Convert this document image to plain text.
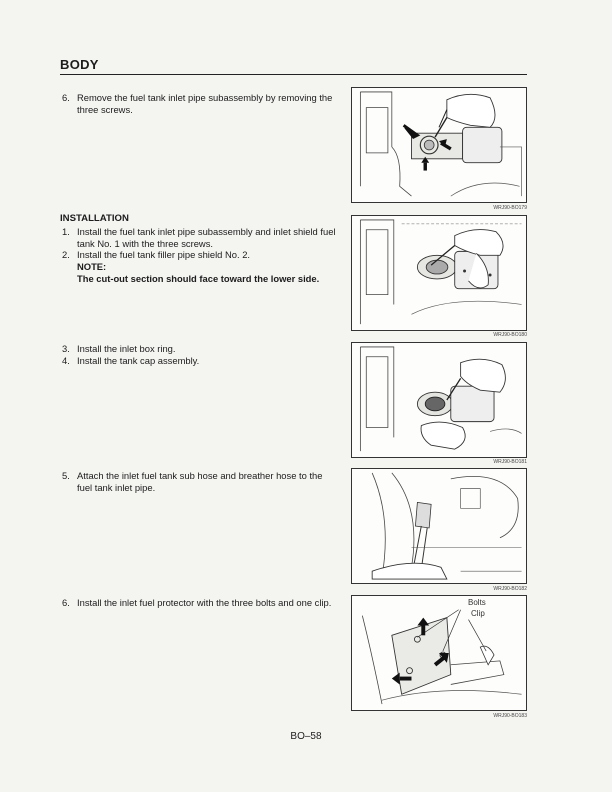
BODY
6. Remove the fuel tank inlet pipe subassembly by removing the three screws.
WRJ90-BO179
INSTALLATION
1. Install the fuel tank inlet pipe subassembly and inlet shield fuel tank No. 1 with the three screws.
2. Install the fuel tank filler pipe shield No. 2.
NOTE:
The cut-out section should face toward the lower side.
WRJ90-BO180
3. Install the inlet box ring.
4. Install the tank cap assembly.
WRJ90-BO181
5. Attach the inlet fuel tank sub hose and breather hose to the fuel tank inlet pipe.
WRJ90-BO182
6. Install the inlet fuel protector with the three bolts and one clip.	Bolts
Clip
WRJ90-BO183
BO–58
